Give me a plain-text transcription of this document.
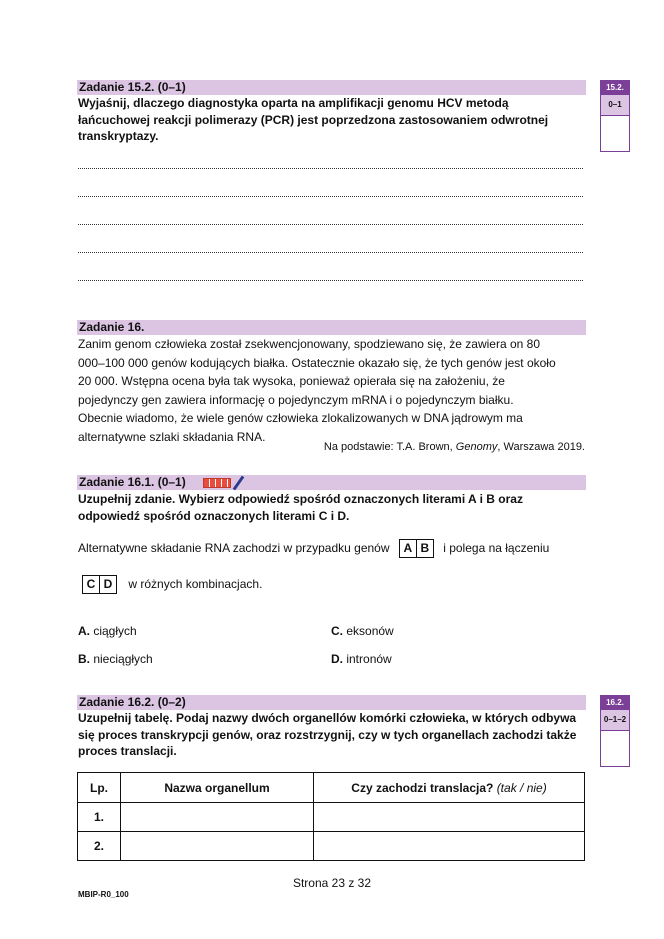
Zadanie 15.2. (0–1)
Wyjaśnij, dlaczego diagnostyka oparta na amplifikacji genomu HCV metodą łańcuchowej reakcji polimerazy (PCR) jest poprzedzona zastosowaniem odwrotnej transkryptazy.
15.2.
0–1
Zadanie 16.
Zanim genom człowieka został zsekwencjonowany, spodziewano się, że zawiera on 80 000–100 000 genów kodujących białka. Ostatecznie okazało się, że tych genów jest około 20 000. Wstępna ocena była tak wysoka, ponieważ opierała się na założeniu, że pojedynczy gen zawiera informację o pojedynczym mRNA i o pojedynczym białku. Obecnie wiadomo, że wiele genów człowieka zlokalizowanych w DNA jądrowym ma alternatywne szlaki składania RNA.
Na podstawie: T.A. Brown, Genomy, Warszawa 2019.
Zadanie 16.1. (0–1)
Uzupełnij zdanie. Wybierz odpowiedź spośród oznaczonych literami A i B oraz odpowiedź spośród oznaczonych literami C i D.
Alternatywne składanie RNA zachodzi w przypadku genów A B i polega na łączeniu
C D w różnych kombinacjach.
A. ciągłych	C. eksonów
B. nieciągłych	D. intronów
Zadanie 16.2. (0–2)
Uzupełnij tabelę. Podaj nazwy dwóch organellów komórki człowieka, w których odbywa się proces transkrypcji genów, oraz rozstrzygnij, czy w tych organellach zachodzi także proces translacji.
16.2.
0–1–2
Lp.	Nazwa organellum	Czy zachodzi translacja? (tak / nie)
1.		
2.		
Strona 23 z 32
MBIP-R0_100
